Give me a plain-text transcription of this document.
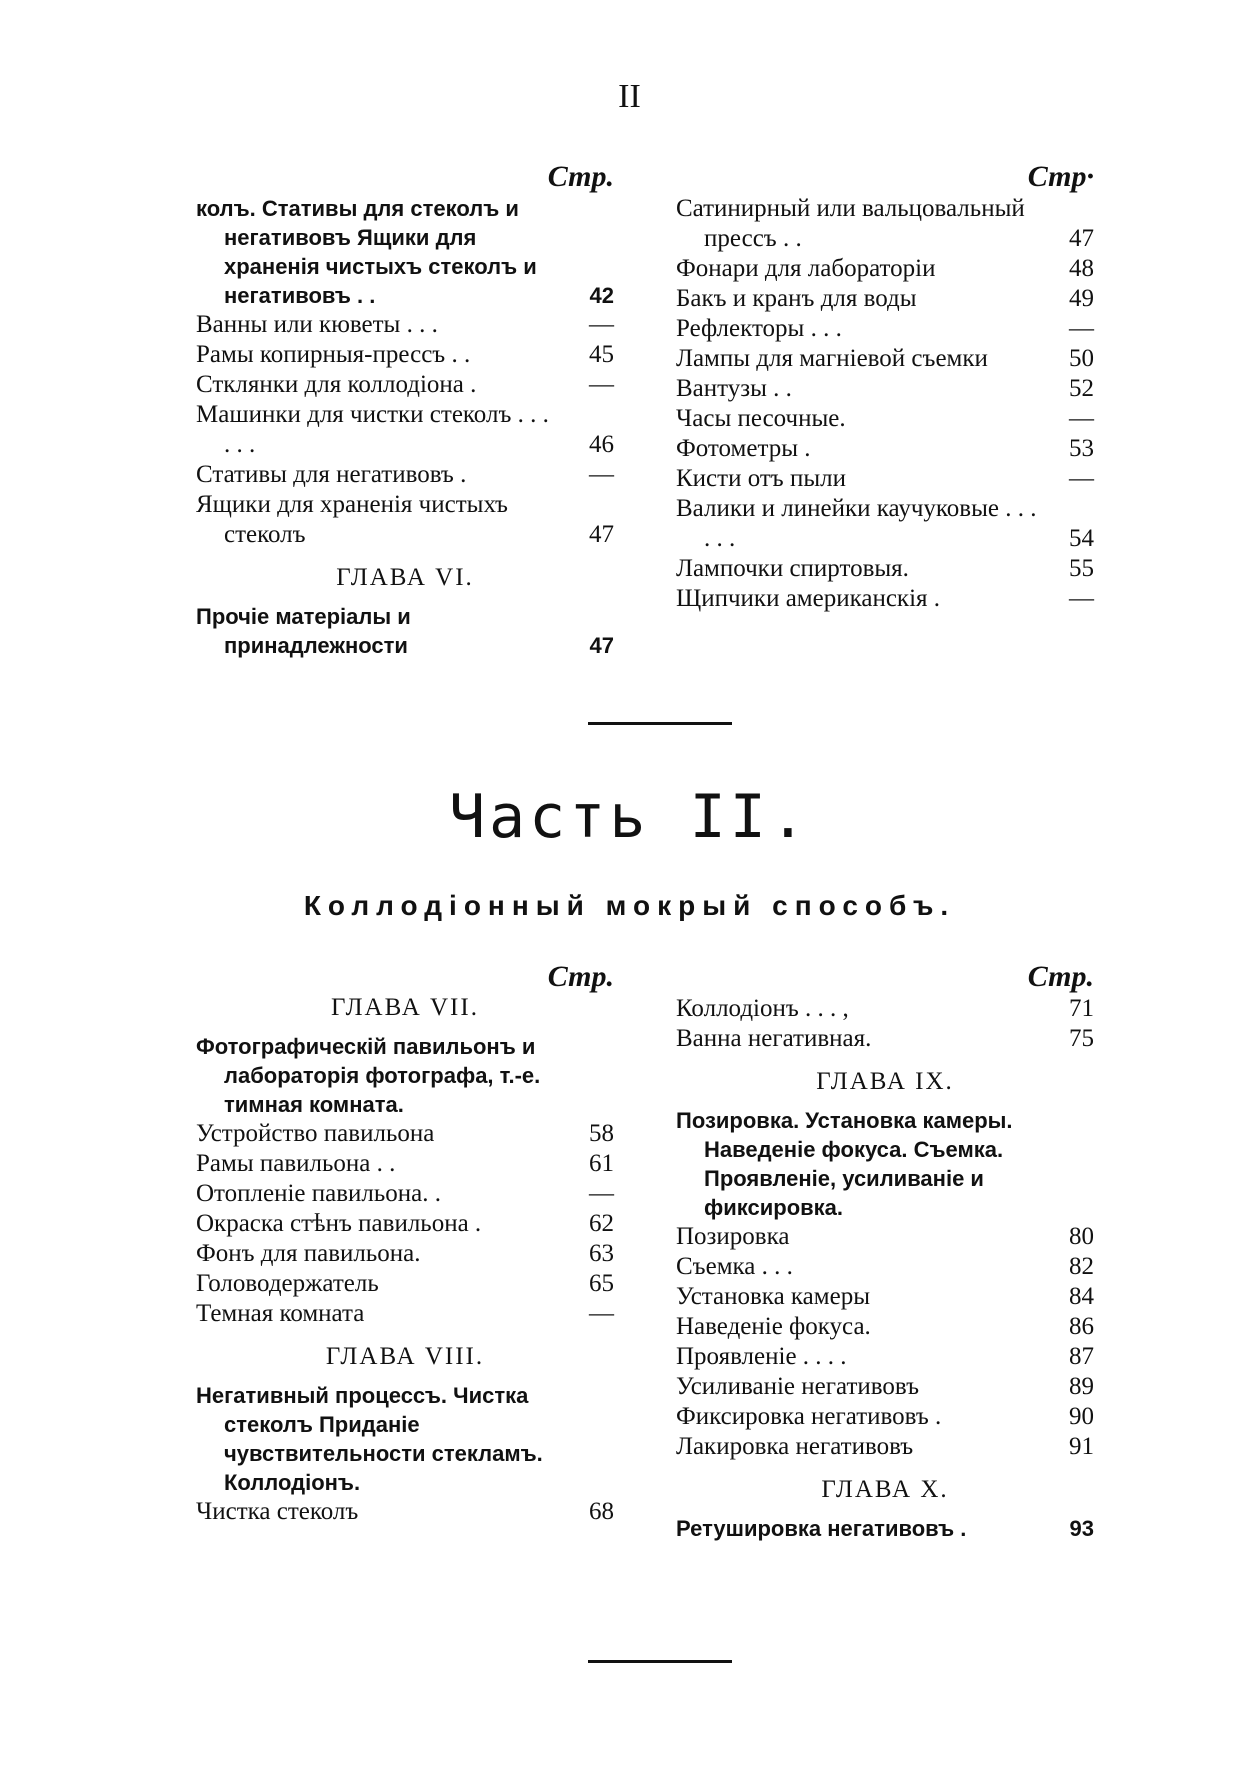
II
Стр.
колъ. Стативы для стеколъ и негативовъ Ящики для храненія чистыхъ стеколъ и негативовъ . .	42
Ванны или кюветы . . .	—
Рамы копирныя-прессъ . .	45
Стклянки для коллодіона .	—
Машинки для чистки стеколъ . . . . . .	46
Стативы для негативовъ .	—
Ящики для храненія чистыхъ стеколъ	47
ГЛАВА VI.
Прочіе матеріалы и принадлежности	47
Стр·
Сатинирный или вальцовальный прессъ . .	47
Фонари для лабораторіи	48
Бакъ и кранъ для воды	49
Рефлекторы . . .	—
Лампы для магніевой съемки	50
Вантузы . .	52
Часы песочные.	—
Фотометры .	53
Кисти отъ пыли	—
Валики и линейки каучуковые . . . . . .	54
Лампочки спиртовыя.	55
Щипчики американскія .	—
Часть II.
Коллодіонный мокрый способъ.
Стр.
ГЛАВА VII.
Фотографическій павильонъ и лабораторія фотографа, т.-е. тимная комната.
Устройство павильона	58
Рамы павильона . .	61
Отопленіе павильона. .	—
Окраска стѣнъ павильона .	62
Фонъ для павильона.	63
Головодержатель	65
Темная комната	—
ГЛАВА VIII.
Негативный процессъ. Чистка стеколъ Приданіе чувствительности стекламъ. Коллодіонъ.
Чистка стеколъ	68
Стр.
Коллодіонъ . . . ,	71
Ванна негативная.	75
ГЛАВА IX.
Позировка. Установка камеры. Наведеніе фокуса. Съемка. Проявленіе, усиливаніе и фиксировка.
Позировка	80
Съемка . . .	82
Установка камеры	84
Наведеніе фокуса.	86
Проявленіе . . . .	87
Усиливаніе негативовъ	89
Фиксировка негативовъ .	90
Лакировка негативовъ	91
ГЛАВА X.
Ретушировка негативовъ .	93
